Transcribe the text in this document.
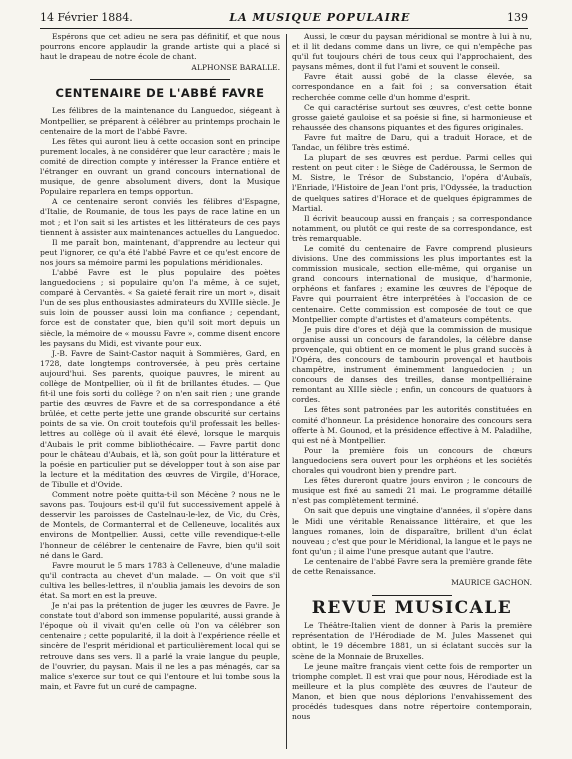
14 Février 1884.	LA MUSIQUE POPULAIRE	139

Espérons que cet adieu ne sera pas définitif, et que nous pourrons encore applaudir la grande artiste qui a placé si haut le drapeau de notre école de chant.

ALPHONSE BARALLE.
CENTENAIRE DE L'ABBÉ FAVRE

Les félibres de la maintenance du Languedoc, siégeant à Montpellier, se préparent à célébrer au printemps prochain le centenaire de la mort de l'abbé Favre.

Les fêtes qui auront lieu à cette occasion sont en principe purement locales, à ne considérer que leur caractère ; mais le comité de direction compte y intéresser la France entière et l'étranger en ouvrant un grand concours international de musique, de genre absolument divers, dont la Musique Populaire reparlera en temps opportun.

A ce centenaire seront conviés les félibres d'Espagne, d'Italie, de Roumanie, de tous les pays de race latine en un mot ; et l'on sait si les artistes et les littérateurs de ces pays tiennent à assister aux maintenances actuelles du Languedoc.

Il me paraît bon, maintenant, d'apprendre au lecteur qui peut l'ignorer, ce qu'a été l'abbé Favre et ce qu'est encore de nos jours sa mémoire parmi les populations méridionales.

L'abbé Favre est le plus populaire des poètes languedociens ; si populaire qu'on l'a même, à ce sujet, comparé à Cervantès. « Sa gaieté ferait rire un mort », disait l'un de ses plus enthousiastes admirateurs du XVIIIe siècle. Je suis loin de pousser aussi loin ma confiance ; cependant, force est de constater que, bien qu'il soit mort depuis un siècle, la mémoire de « moussu Favre », comme disent encore les paysans du Midi, est vivante pour eux.

J.-B. Favre de Saint-Castor naquit à Sommières, Gard, en 1728, date longtemps controversée, à peu près certaine aujourd'hui. Ses parents, quoique pauvres, le mirent au collège de Montpellier, où il fit de brillantes études. — Que fit-il une fois sorti du collège ? on n'en sait rien ; une grande partie des œuvres de Favre et de sa correspondance a été brûlée, et cette perte jette une grande obscurité sur certains points de sa vie. On croit toutefois qu'il professait les belles-lettres au collège où il avait été élevé, lorsque le marquis d'Aubais le prit comme bibliothécaire. — Favre partit donc pour le château d'Aubais, et là, son goût pour la littérature et la poésie en particulier put se développer tout à son aise par la lecture et la méditation des œuvres de Virgile, d'Horace, de Tibulle et d'Ovide.

Comment notre poète quitta-t-il son Mécène ? nous ne le savons pas. Toujours est-il qu'il fut successivement appelé à desservir les paroisses de Castelnau-le-lez, de Vic, du Crès, de Montels, de Cormanterral et de Celleneuve, localités aux environs de Montpellier. Aussi, cette ville revendique-t-elle l'honneur de célébrer le centenaire de Favre, bien qu'il soit né dans le Gard.

Favre mourut le 5 mars 1783 à Celleneuve, d'une maladie qu'il contracta au chevet d'un malade. — On voit que s'il cultiva les belles-lettres, il n'oublia jamais les devoirs de son état. Sa mort en est la preuve.

Je n'ai pas la prétention de juger les œuvres de Favre. Je constate tout d'abord son immense popularité, aussi grande à l'époque où il vivait qu'en celle où l'on va célébrer son centenaire ; cette popularité, il la doit à l'expérience réelle et sincère de l'esprit méridional et particulièrement local qui se retrouve dans ses vers. Il a parlé la vraie langue du peuple, de l'ouvrier, du paysan. Mais il ne les a pas ménagés, car sa malice s'exerce sur tout ce qui l'entoure et lui tombe sous la main, et Favre fut un curé de campagne.

Aussi, le cœur du paysan méridional se montre à lui à nu, et il lit dedans comme dans un livre, ce qui n'empêche pas qu'il fut toujours chéri de tous ceux qui l'approchaient, des paysans mêmes, dont il fut l'ami et souvent le conseil.

Favre était aussi gobé de la classe élevée, sa correspondance en a fait foi ; sa conversation était recherchée comme celle d'un homme d'esprit.

Ce qui caractérise surtout ses œuvres, c'est cette bonne grosse gaieté gauloise et sa poésie si fine, si harmonieuse et rehaussée des chansons piquantes et des figures originales.

Favre fut maître de Daru, qui a traduit Horace, et de Tandac, un félibre très estimé.

La plupart de ses œuvres est perdue. Parmi celles qui restent on peut citer : le Siège de Cadéroussa, le Sermon de M. Sistre, le Trésor de Substancio, l'opéra d'Aubaïs, l'Enriade, l'Histoire de Jean l'ont pris, l'Odyssée, la traduction de quelques satires d'Horace et de quelques épigrammes de Martial.

Il écrivit beaucoup aussi en français ; sa correspondance notamment, ou plutôt ce qui reste de sa correspondance, est très remarquable.

Le comité du centenaire de Favre comprend plusieurs divisions. Une des commissions les plus importantes est la commission musicale, section elle-même, qui organise un grand concours international de musique, d'harmonie, orphéons et fanfares ; examine les œuvres de l'époque de Favre qui pourraient être interprétées à l'occasion de ce centenaire. Cette commission est composée de tout ce que Montpellier compte d'artistes et d'amateurs compétents.

Je puis dire d'ores et déjà que la commission de musique organise aussi un concours de farandoles, la célèbre danse provençale, qui obtient en ce moment le plus grand succès à l'Opéra, des concours de tambourin provençal et hautbois champêtre, instrument éminemment languedocien ; un concours de danses des treilles, danse montpelliéraine remontant au XIIIe siècle ; enfin, un concours de quatuors à cordes.

Les fêtes sont patronées par les autorités constituées en comité d'honneur. La présidence honoraire des concours sera offerte à M. Gounod, et la présidence effective à M. Paladilhe, qui est né à Montpellier.

Pour la première fois un concours de chœurs languedociens sera ouvert pour les orphéons et les sociétés chorales qui voudront bien y prendre part.

Les fêtes dureront quatre jours environ ; le concours de musique est fixé au samedi 21 mai. Le programme détaillé n'est pas complètement terminé.

On sait que depuis une vingtaine d'années, il s'opère dans le Midi une véritable Renaissance littéraire, et que les langues romanes, loin de disparaître, brillent d'un éclat nouveau ; c'est que pour le Méridional, la langue et le pays ne font qu'un ; il aime l'une presque autant que l'autre.

Le centenaire de l'abbé Favre sera la première grande fête de cette Renaissance.

MAURICE GACHON.
REVUE MUSICALE

Le Théâtre-Italien vient de donner à Paris la première représentation de l'Hérodiade de M. Jules Massenet qui obtint, le 19 décembre 1881, un si éclatant succès sur la scène de la Monnaie de Bruxelles.

Le jeune maître français vient cette fois de remporter un triomphe complet. Il est vrai que pour nous, Hérodiade est la meilleure et la plus complète des œuvres de l'auteur de Manon, et bien que nous déplorions l'envahissement des procédés tudesques dans notre répertoire contemporain, nous
